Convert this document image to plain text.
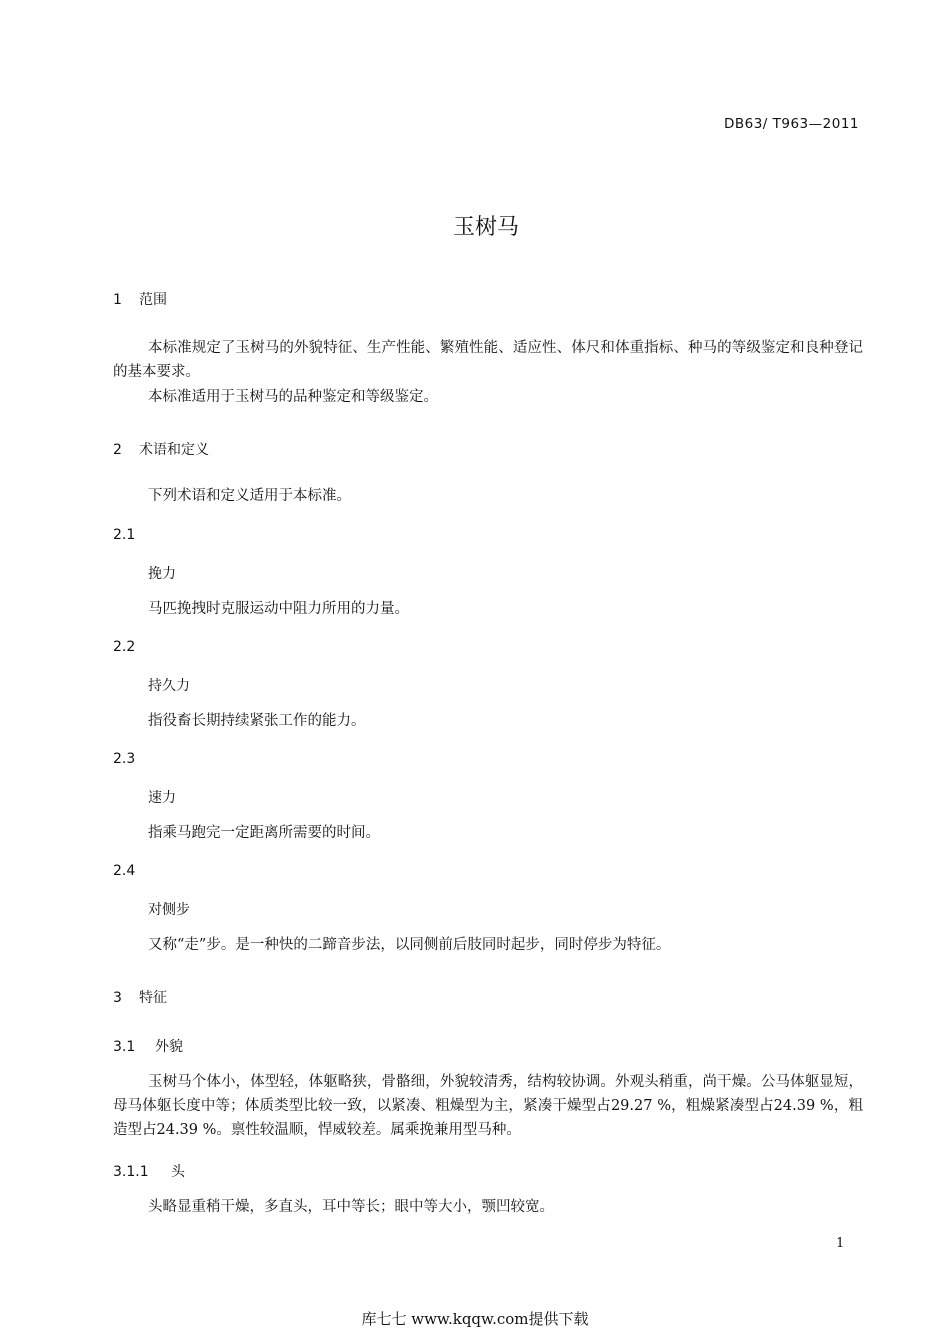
DB63/ T963—2011
玉树马
1 范围
本标准规定了玉树马的外貌特征、生产性能、繁殖性能、适应性、体尺和体重指标、种马的等级鉴定和良种登记的基本要求。
本标准适用于玉树马的品种鉴定和等级鉴定。
2 术语和定义
下列术语和定义适用于本标准。
2.1
挽力
马匹挽拽时克服运动中阻力所用的力量。
2.2
持久力
指役畜长期持续紧张工作的能力。
2.3
速力
指乘马跑完一定距离所需要的时间。
2.4
对侧步
又称“走”步。是一种快的二蹄音步法，以同侧前后肢同时起步，同时停步为特征。
3 特征
3.1 外貌
玉树马个体小，体型轻，体躯略狭，骨骼细，外貌较清秀，结构较协调。外观头稍重，尚干燥。公马体躯显短，母马体躯长度中等；体质类型比较一致，以紧凑、粗燥型为主，紧凑干燥型占29.27 %，粗燥紧凑型占24.39 %，粗造型占24.39 %。禀性较温顺，悍威较差。属乘挽兼用型马种。
3.1.1 头
头略显重稍干燥，多直头，耳中等长；眼中等大小，颚凹较宽。
1
库七七 www.kqqw.com提供下载
